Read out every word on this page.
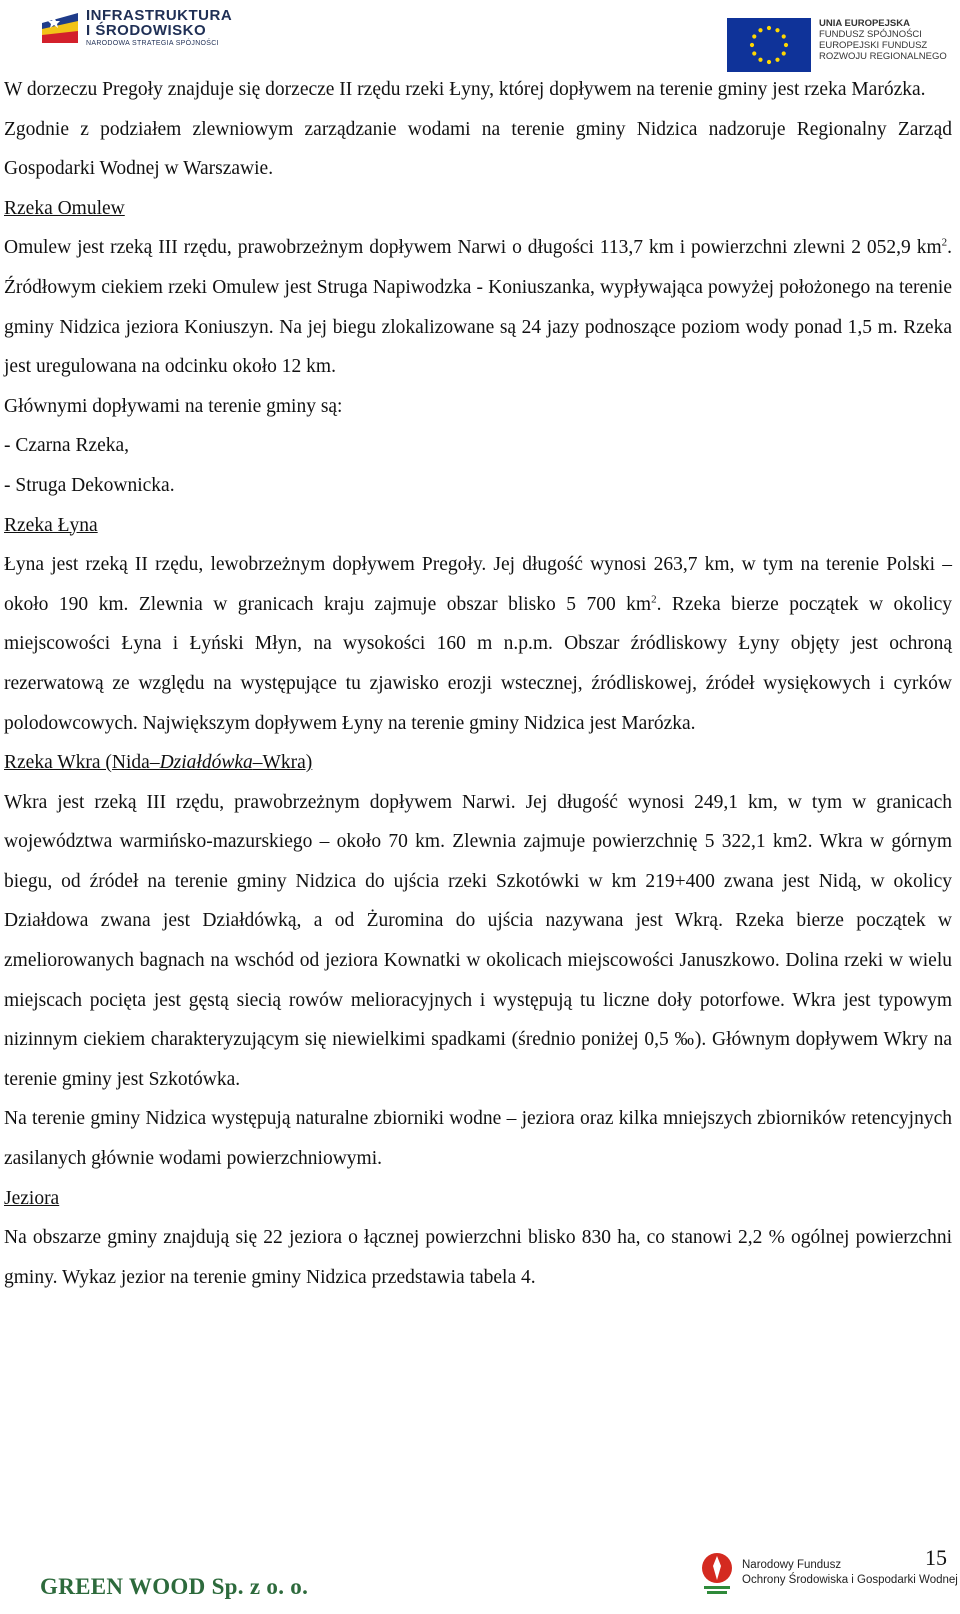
INFRASTRUKTURA
I ŚRODOWISKO
NARODOWA STRATEGIA SPÓJNOŚCI
UNIA EUROPEJSKA
FUNDUSZ SPÓJNOŚCI
EUROPEJSKI FUNDUSZ
ROZWOJU REGIONALNEGO

W dorzeczu Pregoły znajduje się dorzecze II rzędu rzeki Łyny, której dopływem na terenie gminy jest rzeka Marózka.

Zgodnie z podziałem zlewniowym zarządzanie wodami na terenie gminy Nidzica nadzoruje Regionalny Zarząd Gospodarki Wodnej w Warszawie.

Rzeka Omulew

Omulew jest rzeką III rzędu, prawobrzeżnym dopływem Narwi o długości 113,7 km i powierzchni zlewni 2 052,9 $km^2$. Źródłowym ciekiem rzeki Omulew jest Struga Napiwodzka - Koniuszanka, wypływająca powyżej położonego na terenie gminy Nidzica jeziora Koniuszyn. Na jej biegu zlokalizowane są 24 jazy podnoszące poziom wody ponad 1,5 m. Rzeka jest uregulowana na odcinku około 12 km.

Głównymi dopływami na terenie gminy są:

- Czarna Rzeka,

- Struga Dekownicka.

Rzeka Łyna

Łyna jest rzeką II rzędu, lewobrzeżnym dopływem Pregoły. Jej długość wynosi 263,7 km, w tym na terenie Polski – około 190 km. Zlewnia w granicach kraju zajmuje obszar blisko 5 700 $km^2$. Rzeka bierze początek w okolicy miejscowości Łyna i Łyński Młyn, na wysokości 160 m n.p.m. Obszar źródliskowy Łyny objęty jest ochroną rezerwatową ze względu na występujące tu zjawisko erozji wstecznej, źródliskowej, źródeł wysiękowych i cyrków polodowcowych. Największym dopływem Łyny na terenie gminy Nidzica jest Marózka.

Rzeka Wkra (Nida–Działdówka–Wkra)

Wkra jest rzeką III rzędu, prawobrzeżnym dopływem Narwi. Jej długość wynosi 249,1 km, w tym w granicach województwa warmińsko-mazurskiego – około 70 km. Zlewnia zajmuje powierzchnię 5 322,1 km2. Wkra w górnym biegu, od źródeł na terenie gminy Nidzica do ujścia rzeki Szkotówki w km 219+400 zwana jest Nidą, w okolicy Działdowa zwana jest Działdówką, a od Żuromina do ujścia nazywana jest Wkrą. Rzeka bierze początek w zmeliorowanych bagnach na wschód od jeziora Kownatki w okolicach miejscowości Januszkowo. Dolina rzeki w wielu miejscach pocięta jest gęstą siecią rowów melioracyjnych i występują tu liczne doły potorfowe. Wkra jest typowym nizinnym ciekiem charakteryzującym się niewielkimi spadkami (średnio poniżej 0,5 ‰). Głównym dopływem Wkry na terenie gminy jest Szkotówka.

Na terenie gminy Nidzica występują naturalne zbiorniki wodne – jeziora oraz kilka mniejszych zbiorników retencyjnych zasilanych głównie wodami powierzchniowymi.

Jeziora

Na obszarze gminy znajdują się 22 jeziora o łącznej powierzchni blisko 830 ha, co stanowi 2,2 % ogólnej powierzchni gminy. Wykaz jezior na terenie gminy Nidzica przedstawia tabela 4.

15
Narodowy Fundusz
Ochrony Środowiska i Gospodarki Wodnej
GREEN WOOD Sp. z o. o.
